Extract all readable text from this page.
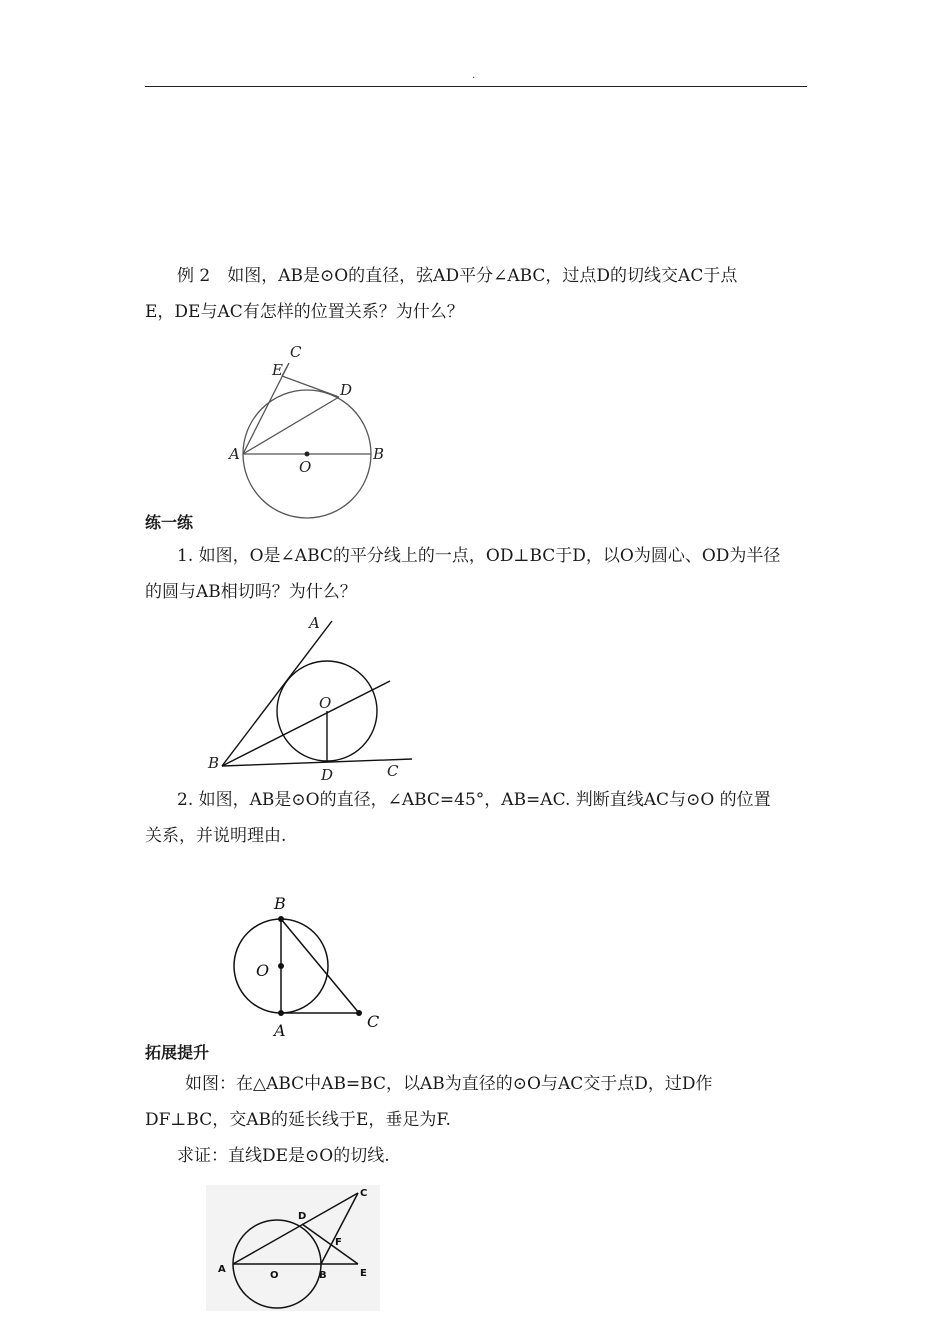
.
例 2　如图，AB是⊙O的直径，弦AD平分∠ABC，过点D的切线交AC于点
E，DE与AC有怎样的位置关系？为什么？
C
E
D
A	B
O
练一练
1. 如图，O是∠ABC的平分线上的一点，OD⊥BC于D，以O为圆心、OD为半径
的圆与AB相切吗？为什么？
A
O
B
D	C
2. 如图，AB是⊙O的直径，∠ABC=45°，AB=AC. 判断直线AC与⊙O 的位置
关系，并说明理由.
B
O
A	C
拓展提升
如图：在△ABC中AB=BC，以AB为直径的⊙O与AC交于点D，过D作
DF⊥BC，交AB的延长线于E，垂足为F.
求证：直线DE是⊙O的切线.
C
D
F
A
O	B	E
